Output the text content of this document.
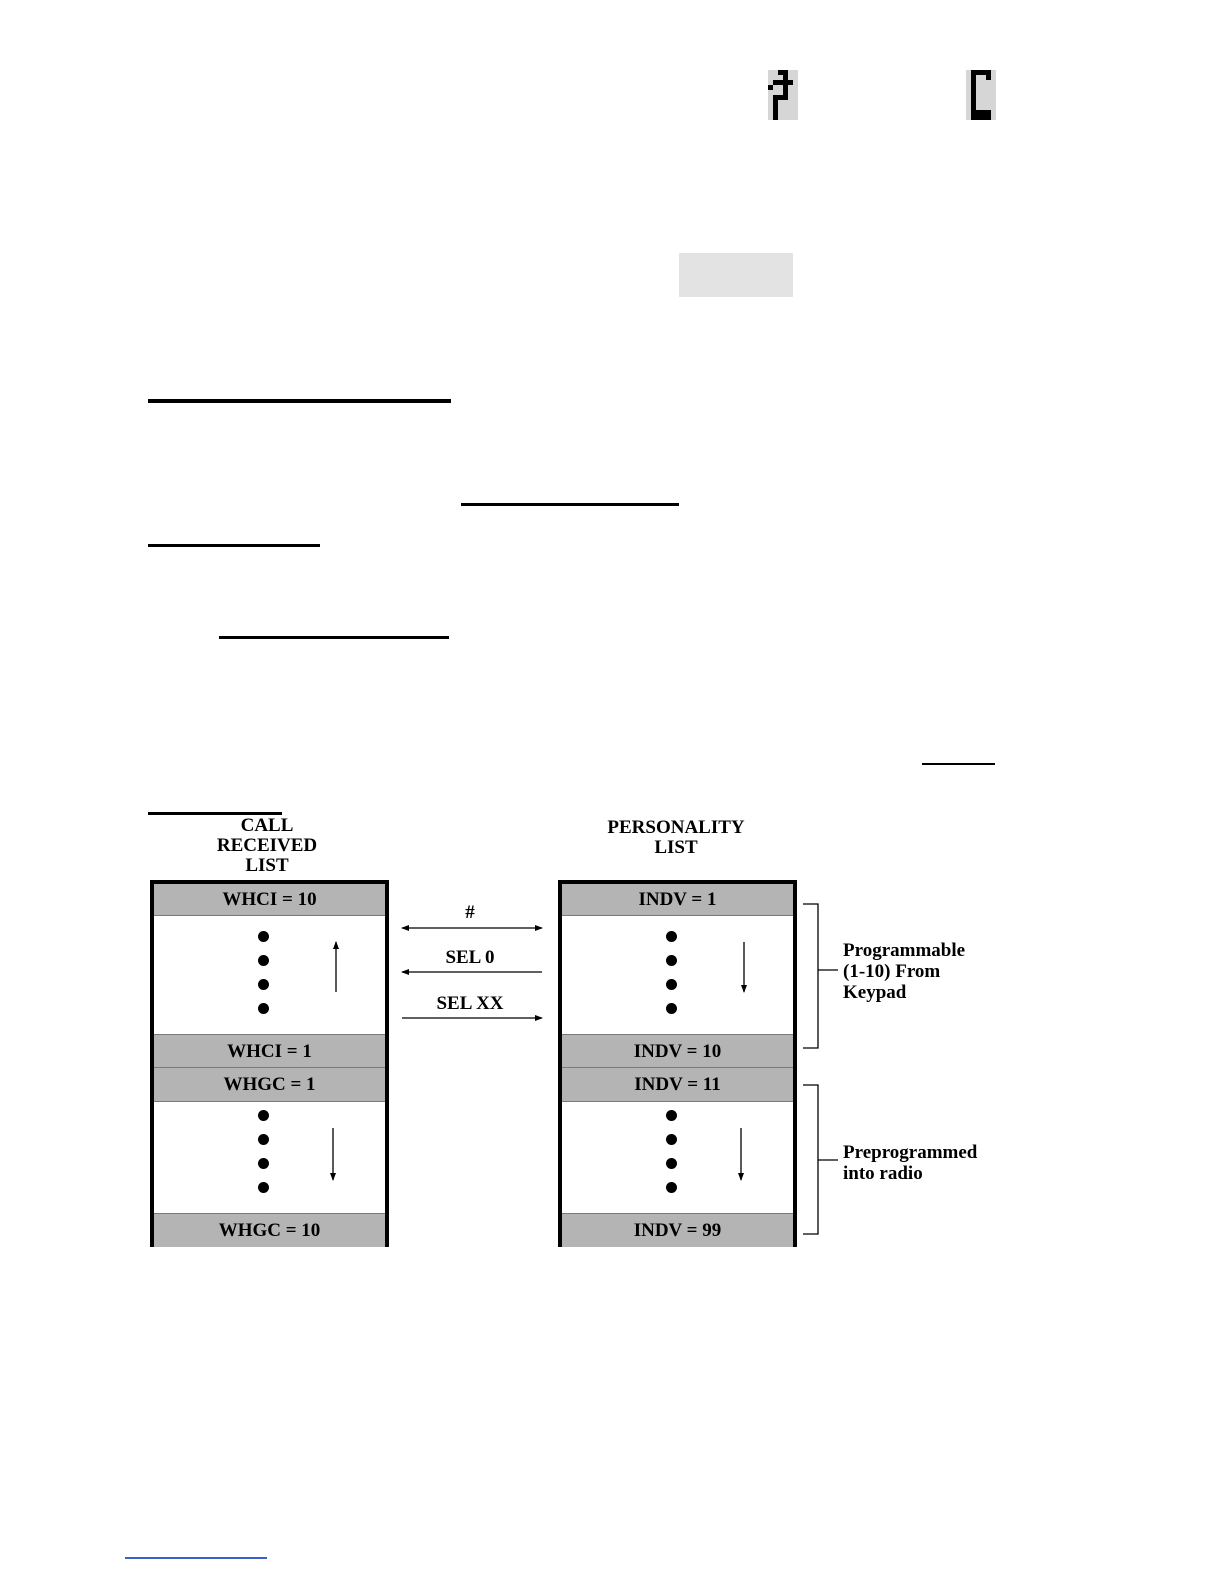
CALL
RECEIVED
LIST
PERSONALITY
LIST
WHCI = 10
WHCI = 1
WHGC = 1
WHGC = 10
INDV = 1
INDV = 10
INDV = 11
INDV = 99
#
SEL 0
SEL XX
Programmable
(1-10) From
Keypad
Preprogrammed
into radio
